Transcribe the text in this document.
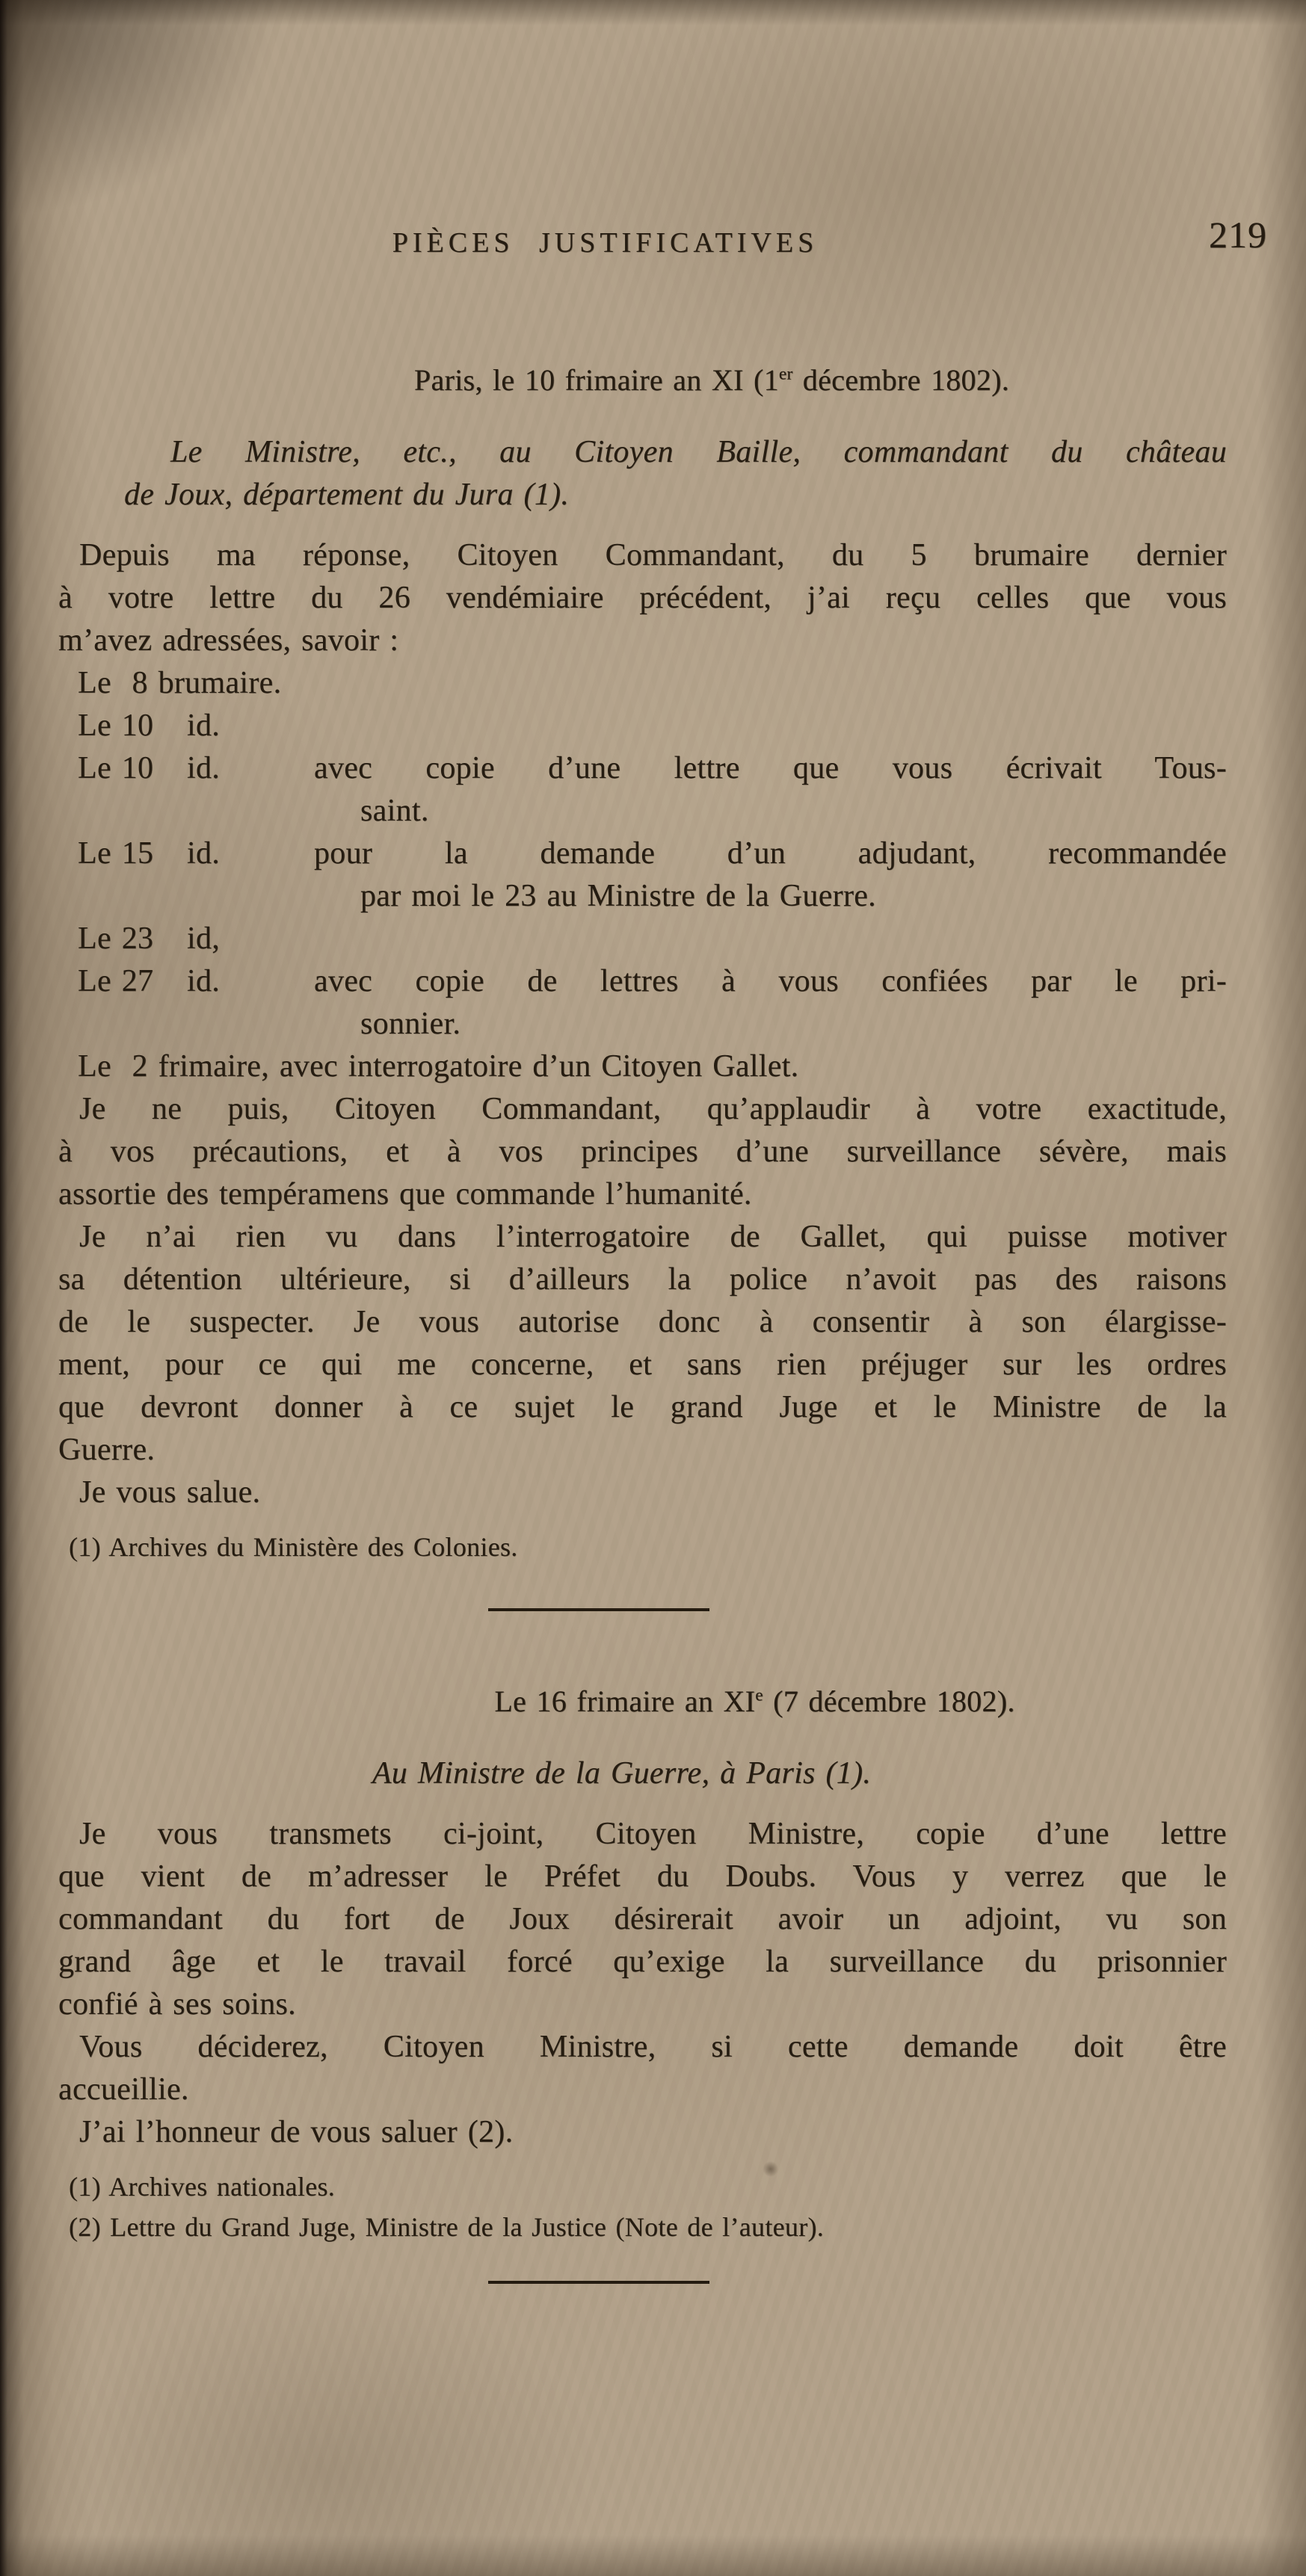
PIÈCES JUSTIFICATIVES	219

Paris, le 10 frimaire an XI (1er décembre 1802).

Le Ministre, etc., au Citoyen Baille, commandant du château
de Joux, département du Jura (1).
Depuis ma réponse, Citoyen Commandant, du 5 brumaire dernier
à votre lettre du 26 vendémiaire précédent, j’ai reçu celles que vous
m’avez adressées, savoir :
Le  8 brumaire.
Le 10	id.
Le 10	id.	avec copie d’une lettre que vous écrivait Tous-
saint.
Le 15	id.	pour la demande d’un adjudant, recommandée
par moi le 23 au Ministre de la Guerre.
Le 23	id,
Le 27	id.	avec copie de lettres à vous confiées par le pri-
sonnier.
Le  2 frimaire, avec interrogatoire d’un Citoyen Gallet.
Je ne puis, Citoyen Commandant, qu’applaudir à votre exactitude,
à vos précautions, et à vos principes d’une surveillance sévère, mais
assortie des tempéramens que commande l’humanité.
Je n’ai rien vu dans l’interrogatoire de Gallet, qui puisse motiver
sa détention ultérieure, si d’ailleurs la police n’avoit pas des raisons
de le suspecter. Je vous autorise donc à consentir à son élargisse-
ment, pour ce qui me concerne, et sans rien préjuger sur les ordres
que devront donner à ce sujet le grand Juge et le Ministre de la
Guerre.

Je vous salue.

(1) Archives du Ministère des Colonies.

Le 16 frimaire an XIe (7 décembre 1802).

Au Ministre de la Guerre, à Paris (1).

Je vous transmets ci-joint, Citoyen Ministre, copie d’une lettre
que vient de m’adresser le Préfet du Doubs. Vous y verrez que le
commandant du fort de Joux désirerait avoir un adjoint, vu son
grand âge et le travail forcé qu’exige la surveillance du prisonnier
confié à ses soins.
Vous déciderez, Citoyen Ministre, si cette demande doit être
accueillie.

J’ai l’honneur de vous saluer (2).

(1) Archives nationales.

(2) Lettre du Grand Juge, Ministre de la Justice (Note de l’auteur).
